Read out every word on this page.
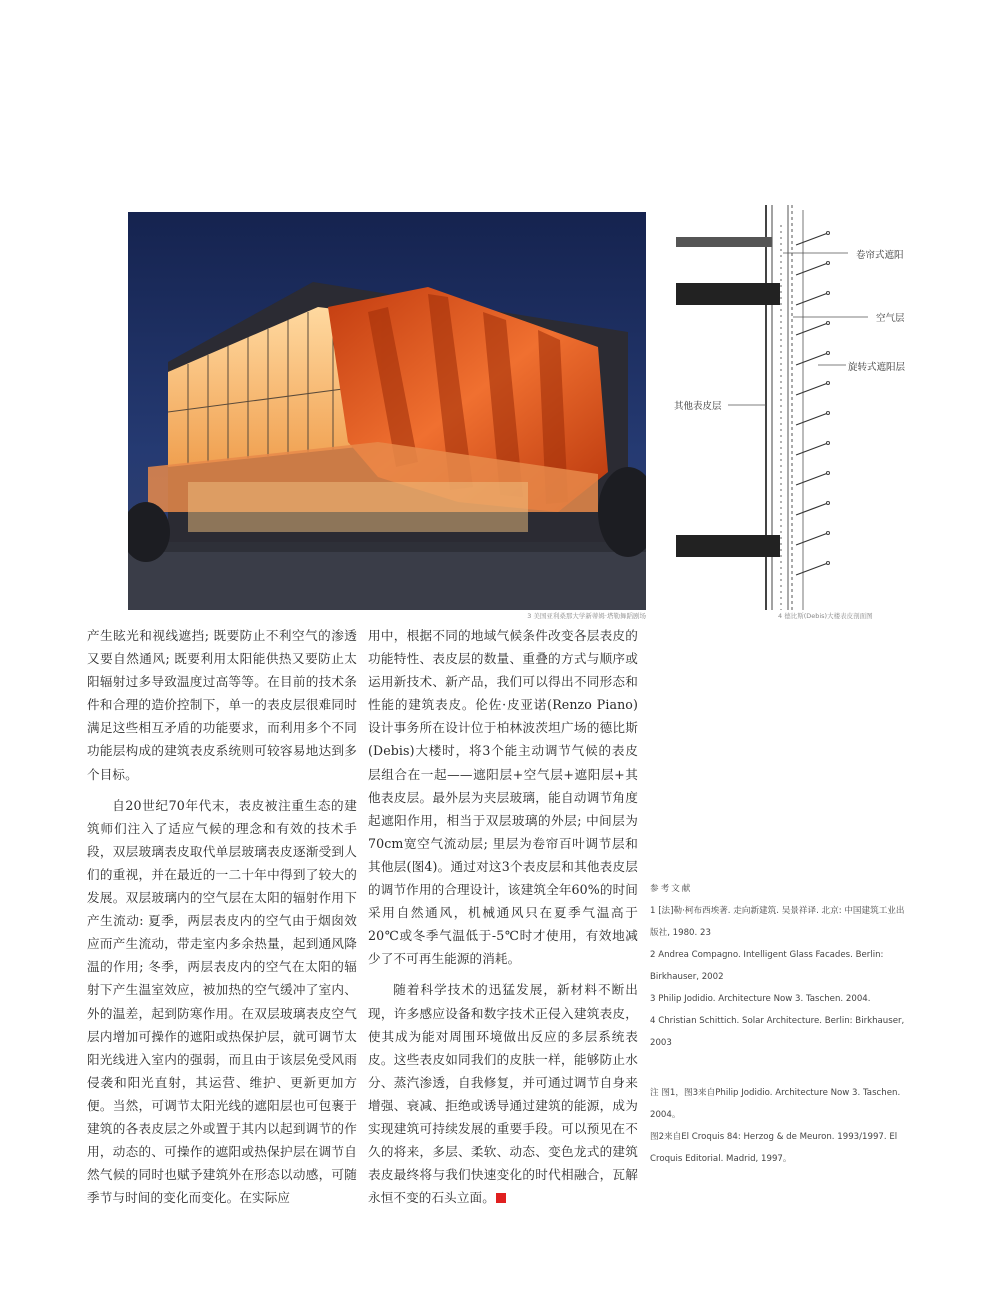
3 美国亚利桑那大学新蒂姆·塔勒舞蹈剧场
卷帘式遮阳
空气层
旋转式遮阳层
其他表皮层
4 德比斯(Debis)大楼表皮剖面图

产生眩光和视线遮挡; 既要防止不利空气的渗透又要自然通风; 既要利用太阳能供热又要防止太阳辐射过多导致温度过高等等。在目前的技术条件和合理的造价控制下，单一的表皮层很难同时满足这些相互矛盾的功能要求，而利用多个不同功能层构成的建筑表皮系统则可较容易地达到多个目标。

自20世纪70年代末，表皮被注重生态的建筑师们注入了适应气候的理念和有效的技术手段，双层玻璃表皮取代单层玻璃表皮逐渐受到人们的重视，并在最近的一二十年中得到了较大的发展。双层玻璃内的空气层在太阳的辐射作用下产生流动: 夏季，两层表皮内的空气由于烟囱效应而产生流动，带走室内多余热量，起到通风降温的作用; 冬季，两层表皮内的空气在太阳的辐射下产生温室效应，被加热的空气缓冲了室内、外的温差，起到防寒作用。在双层玻璃表皮空气层内增加可操作的遮阳或热保护层，就可调节太阳光线进入室内的强弱，而且由于该层免受风雨侵袭和阳光直射，其运营、维护、更新更加方便。当然，可调节太阳光线的遮阳层也可包裹于建筑的各表皮层之外或置于其内以起到调节的作用，动态的、可操作的遮阳或热保护层在调节自然气候的同时也赋予建筑外在形态以动感，可随季节与时间的变化而变化。在实际应

用中，根据不同的地域气候条件改变各层表皮的功能特性、表皮层的数量、重叠的方式与顺序或运用新技术、新产品，我们可以得出不同形态和性能的建筑表皮。伦佐·皮亚诺(Renzo Piano)设计事务所在设计位于柏林波茨坦广场的德比斯(Debis)大楼时，将3个能主动调节气候的表皮层组合在一起——遮阳层+空气层+遮阳层+其他表皮层。最外层为夹层玻璃，能自动调节角度起遮阳作用，相当于双层玻璃的外层; 中间层为70cm宽空气流动层; 里层为卷帘百叶调节层和其他层(图4)。通过对这3个表皮层和其他表皮层的调节作用的合理设计，该建筑全年60%的时间采用自然通风，机械通风只在夏季气温高于20℃或冬季气温低于-5℃时才使用，有效地减少了不可再生能源的消耗。

随着科学技术的迅猛发展，新材料不断出现，许多感应设备和数字技术正侵入建筑表皮，使其成为能对周围环境做出反应的多层系统表皮。这些表皮如同我们的皮肤一样，能够防止水分、蒸汽渗透，自我修复，并可通过调节自身来增强、衰减、拒绝或诱导通过建筑的能源，成为实现建筑可持续发展的重要手段。可以预见在不久的将来，多层、柔软、动态、变色龙式的建筑表皮最终将与我们快速变化的时代相融合，瓦解永恒不变的石头立面。

参考文献
1 [法]勒·柯布西埃著. 走向新建筑. 吴景祥译. 北京: 中国建筑工业出版社, 1980. 23
2 Andrea Compagno. Intelligent Glass Facades. Berlin: Birkhauser, 2002
3 Philip Jodidio. Architecture Now 3. Taschen. 2004.
4 Christian Schittich. Solar Architecture. Berlin: Birkhauser, 2003
注 图1，图3来自Philip Jodidio. Architecture Now 3. Taschen. 2004。
图2来自El Croquis 84: Herzog & de Meuron. 1993/1997. El Croquis Editorial. Madrid, 1997。
